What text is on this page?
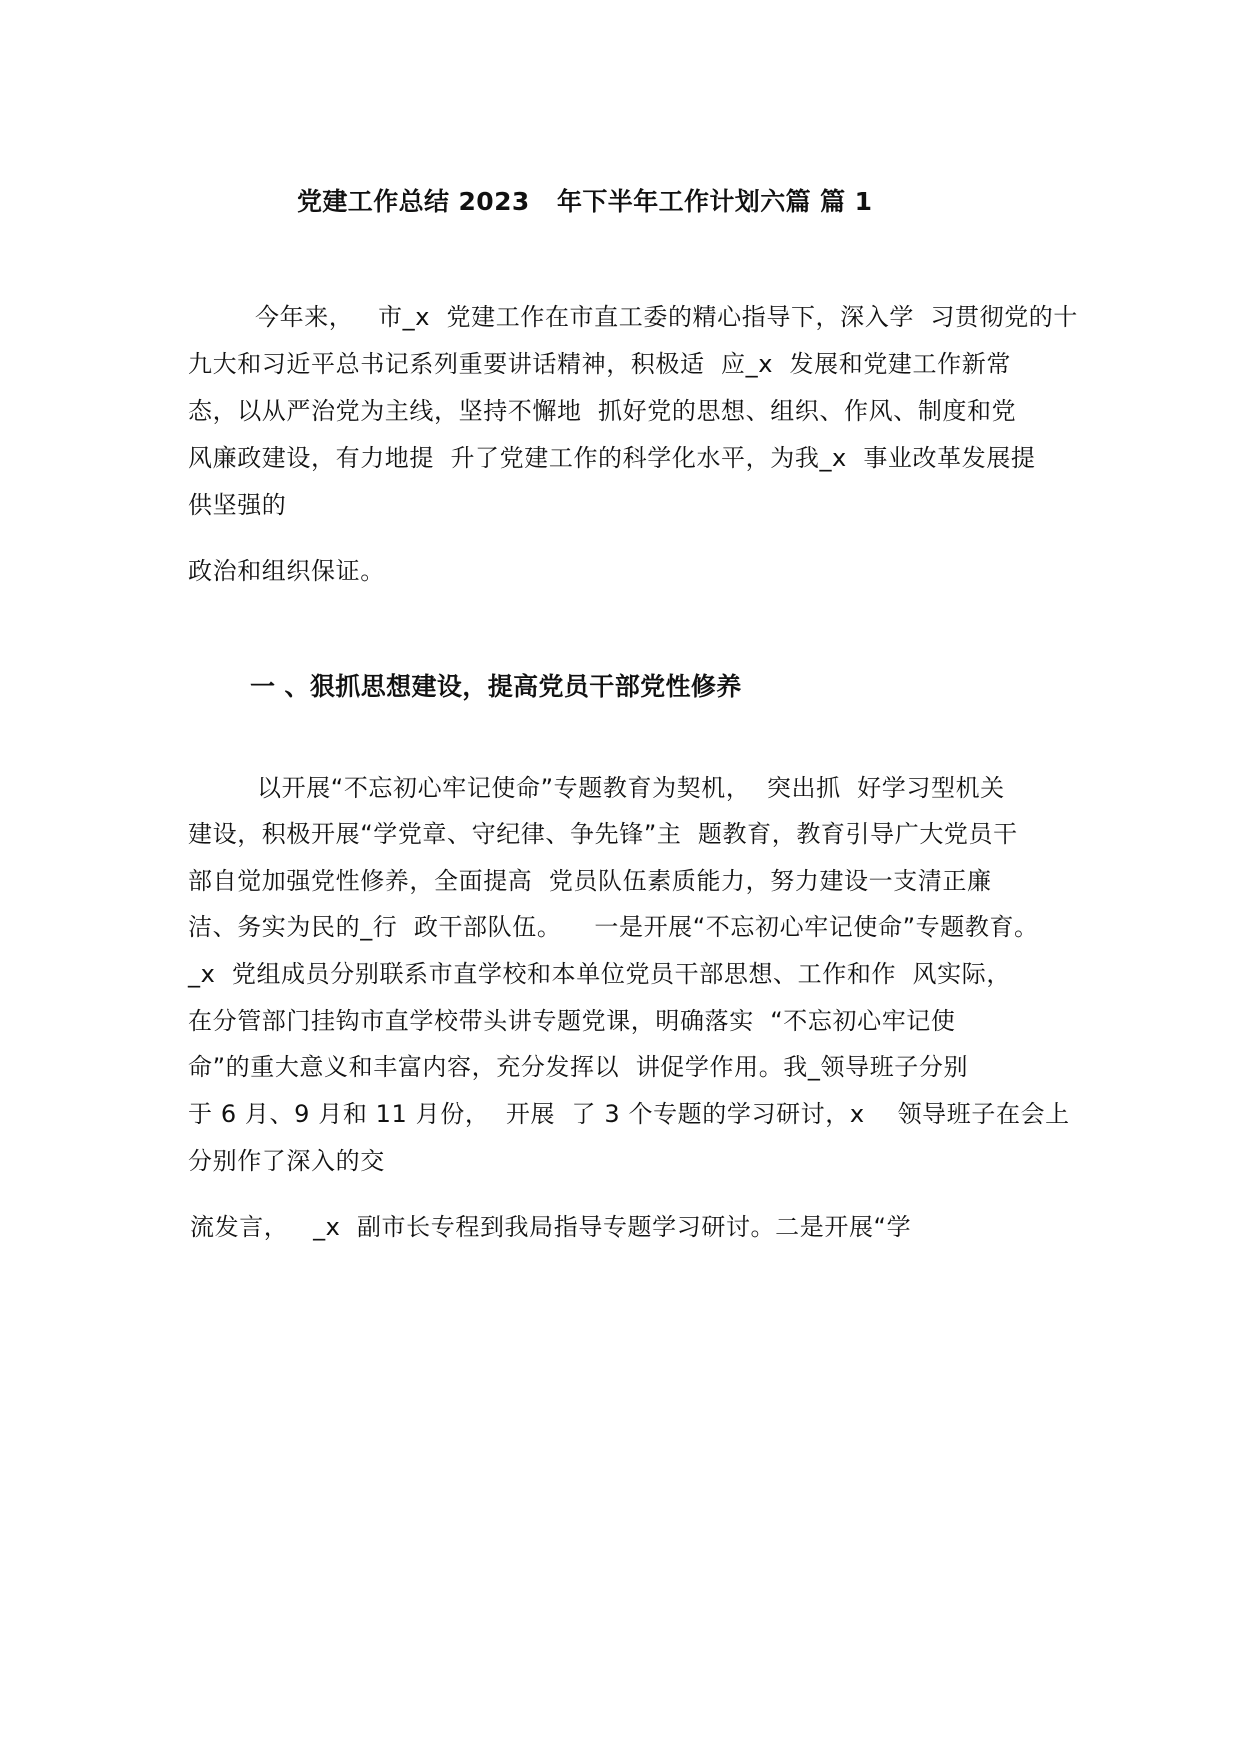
党建工作总结 2023   年下半年工作计划六篇 篇 1
今年来，   市_x  党建工作在市直工委的精心指导下，深入学  习贯彻党的十
九大和习近平总书记系列重要讲话精神，积极适  应_x  发展和党建工作新常
态，以从严治党为主线，坚持不懈地  抓好党的思想、组织、作风、制度和党
风廉政建设，有力地提  升了党建工作的科学化水平，为我_x  事业改革发展提
供坚强的
政治和组织保证。
一 、狠抓思想建设，提高党员干部党性修养
以开展“不忘初心牢记使命”专题教育为契机，  突出抓  好学习型机关
建设，积极开展“学党章、守纪律、争先锋”主  题教育，教育引导广大党员干
部自觉加强党性修养，全面提高  党员队伍素质能力，努力建设一支清正廉
洁、务实为民的_行  政干部队伍。    一是开展“不忘初心牢记使命”专题教育。
_x  党组成员分别联系市直学校和本单位党员干部思想、工作和作  风实际，
在分管部门挂钩市直学校带头讲专题党课，明确落实  “不忘初心牢记使
命”的重大意义和丰富内容，充分发挥以  讲促学作用。我_领导班子分别
于 6 月、9 月和 11 月份，  开展  了 3 个专题的学习研讨，x    领导班子在会上
分别作了深入的交
流发言，   _x  副市长专程到我局指导专题学习研讨。二是开展“学
